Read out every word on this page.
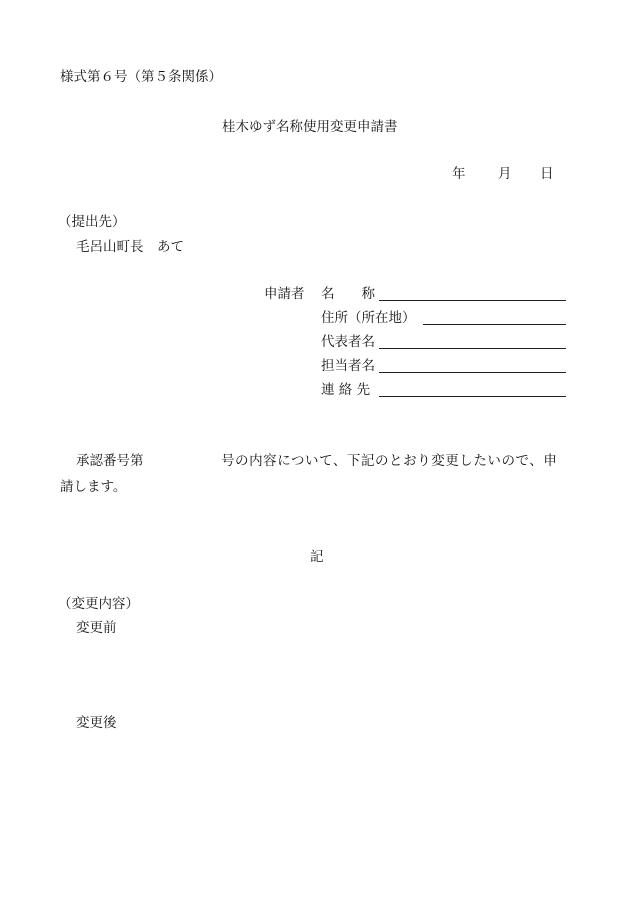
様式第６号（第５条関係）
桂木ゆず名称使用変更申請書
年 月 日
（提出先）
毛呂山町長　あて
申請者 名　　称
住所（所在地）
代表者名
担当者名
連 絡 先
承認番号第	号の内容について、下記のとおり変更したいので、申
請します。
記
（変更内容）
変更前
変更後
